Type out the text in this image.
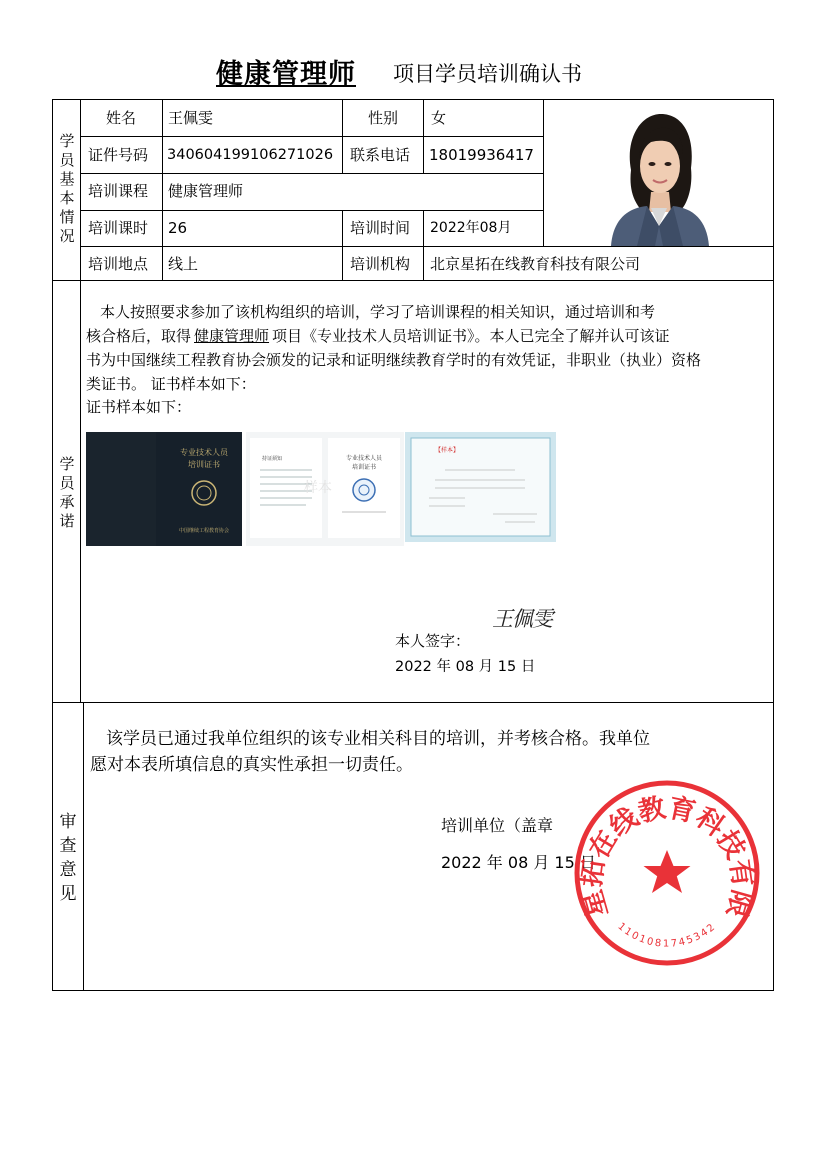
健康管理师 项目学员培训确认书
学员基本情况
学员承诺
审查意见
姓名 王佩雯	性别 女
证件号码 340604199106271026 联系电话 18019936417
培训课程 健康管理师
培训课时 26	培训时间 2022年08月
培训地点 线上	培训机构 北京星拓在线教育科技有限公司
本人按照要求参加了该机构组织的培训，学习了培训课程的相关知识，通过培训和考
核合格后，取得 健康管理师 项目《专业技术人员培训证书》。本人已完全了解并认可该证
书为中国继续工程教育协会颁发的记录和证明继续教育学时的有效凭证，非职业（执业）资格
类证书。 证书样本如下：
证书样本如下：
专业技术人员
培训证书
中国继续工程教育协会
持证须知
样本
专业技术人员
培训证书
【样本】
本人签字：
王佩雯
2022 年 08 月 15 日
该学员已通过我单位组织的该专业相关科目的培训，并考核合格。我单位
愿对本表所填信息的真实性承担一切责任。
培训单位（盖章
2022 年 08 月 15 日
星拓在线教育科技有限
1101081745342
